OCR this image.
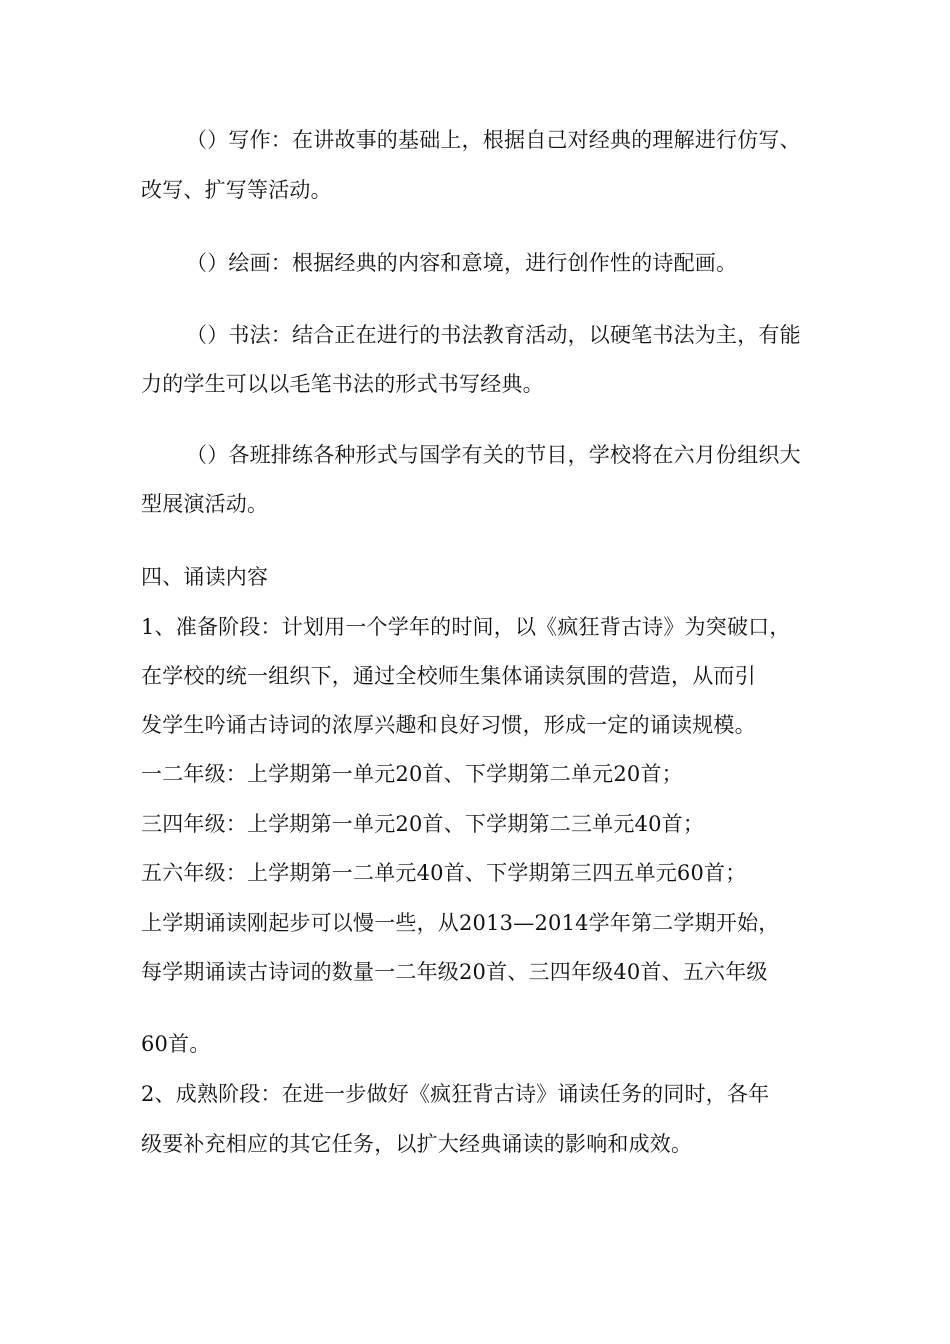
（）写作：在讲故事的基础上，根据自己对经典的理解进行仿写、
改写、扩写等活动。
（）绘画：根据经典的内容和意境，进行创作性的诗配画。
（）书法：结合正在进行的书法教育活动，以硬笔书法为主，有能
力的学生可以以毛笔书法的形式书写经典。
（）各班排练各种形式与国学有关的节目，学校将在六月份组织大
型展演活动。
四、诵读内容
1、准备阶段：计划用一个学年的时间，以《疯狂背古诗》为突破口，
在学校的统一组织下，通过全校师生集体诵读氛围的营造，从而引
发学生吟诵古诗词的浓厚兴趣和良好习惯，形成一定的诵读规模。
一二年级：上学期第一单元20首、下学期第二单元20首；
三四年级：上学期第一单元20首、下学期第二三单元40首；
五六年级：上学期第一二单元40首、下学期第三四五单元60首；
上学期诵读刚起步可以慢一些，从2013—2014学年第二学期开始，
每学期诵读古诗词的数量一二年级20首、三四年级40首、五六年级
60首。
2、成熟阶段：在进一步做好《疯狂背古诗》诵读任务的同时，各年
级要补充相应的其它任务，以扩大经典诵读的影响和成效。
